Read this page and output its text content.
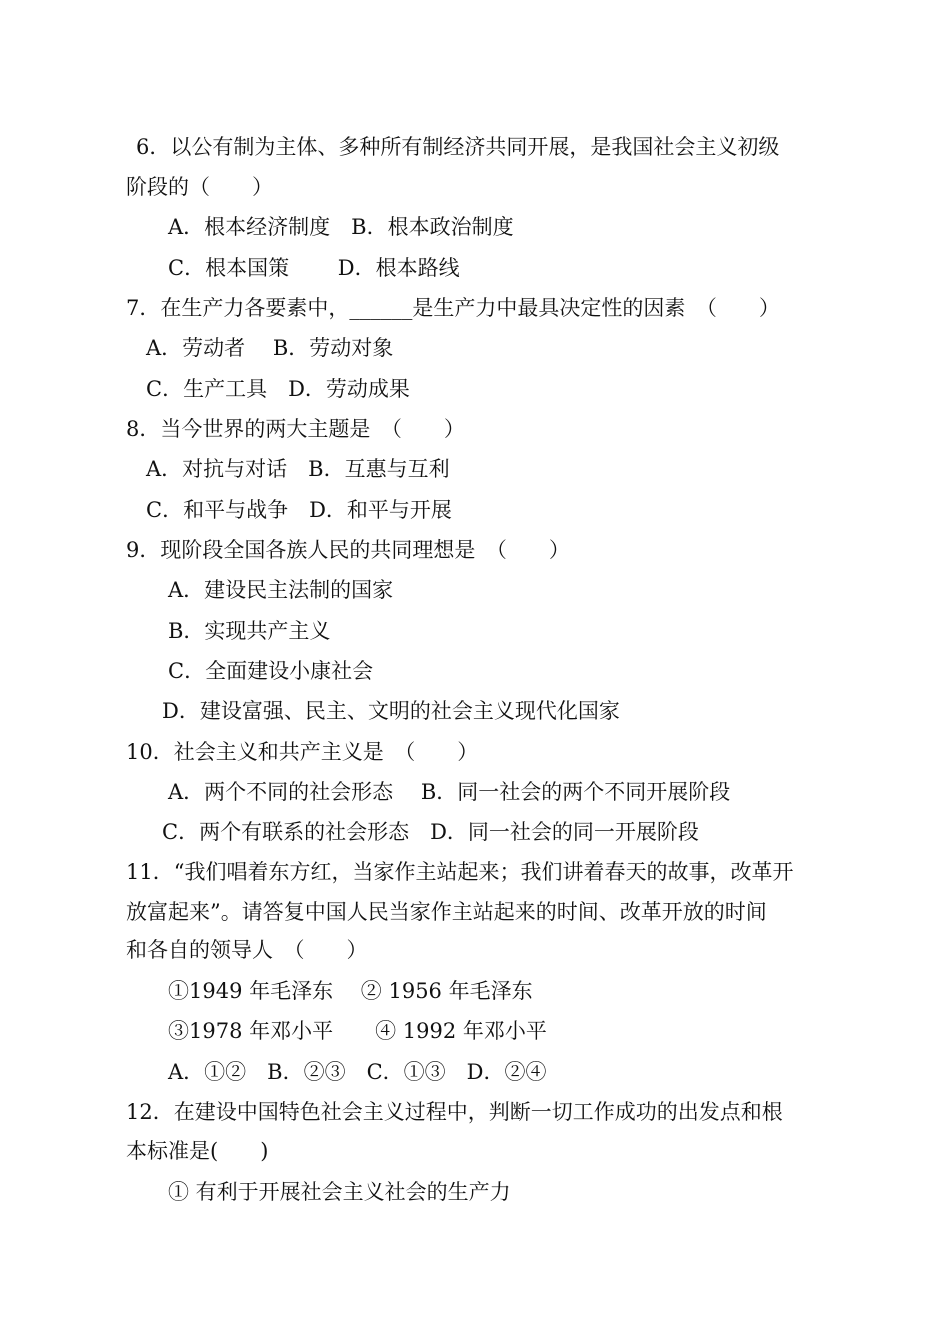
6．以公有制为主体、多种所有制经济共同开展，是我国社会主义初级
阶段的（　　）
A．根本经济制度　B．根本政治制度
C．根本国策　　 D．根本路线
7．在生产力各要素中，______是生产力中最具决定性的因素　（　　）
A．劳动者　 B．劳动对象
C．生产工具　D．劳动成果
8．当今世界的两大主题是　（　　）
A．对抗与对话　B．互惠与互利
C．和平与战争　D．和平与开展
9．现阶段全国各族人民的共同理想是　（　　）
A．建设民主法制的国家
B．实现共产主义
C．全面建设小康社会
D．建设富强、民主、文明的社会主义现代化国家
10．社会主义和共产主义是　（　　）
A．两个不同的社会形态　 B．同一社会的两个不同开展阶段
C．两个有联系的社会形态　D．同一社会的同一开展阶段
11．“我们唱着东方红，当家作主站起来；我们讲着春天的故事，改革开
放富起来”。请答复中国人民当家作主站起来的时间、改革开放的时间
和各自的领导人　（　　）
①1949 年毛泽东　 ② 1956 年毛泽东
③1978 年邓小平　　④ 1992 年邓小平
A．①②　B．②③　C．①③　D．②④
12．在建设中国特色社会主义过程中，判断一切工作成功的出发点和根
本标准是(　　)
① 有利于开展社会主义社会的生产力
